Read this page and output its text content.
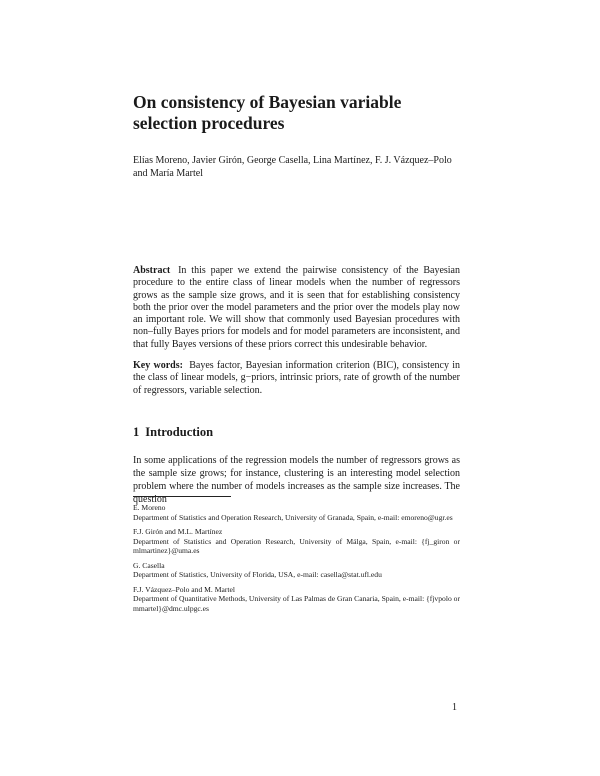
On consistency of Bayesian variable selection procedures
Elías Moreno, Javier Girón, George Casella, Lina Martínez, F. J. Vázquez–Polo
and María Martel
Abstract In this paper we extend the pairwise consistency of the Bayesian procedure to the entire class of linear models when the number of regressors grows as the sample size grows, and it is seen that for establishing consistency both the prior over the model parameters and the prior over the models play now an important role. We will show that commonly used Bayesian procedures with non–fully Bayes priors for models and for model parameters are inconsistent, and that fully Bayes versions of these priors correct this undesirable behavior.
Key words: Bayes factor, Bayesian information criterion (BIC), consistency in the class of linear models, g−priors, intrinsic priors, rate of growth of the number of regressors, variable selection.
1 Introduction
In some applications of the regression models the number of regressors grows as the sample size grows; for instance, clustering is an interesting model selection problem where the number of models increases as the sample size increases. The question
E. Moreno
Department of Statistics and Operation Research, University of Granada, Spain, e-mail: emoreno@ugr.es
F.J. Girón and M.L. Martínez
Department of Statistics and Operation Research, University of Málga, Spain, e-mail: {fj_giron or mlmartinez}@uma.es
G. Casella
Department of Statistics, University of Florida, USA, e-mail: casella@stat.ufl.edu
F.J. Vázquez–Polo and M. Martel
Department of Quantitative Methods, University of Las Palmas de Gran Canaria, Spain, e-mail: {fjvpolo or mmartel}@dmc.ulpgc.es
1
